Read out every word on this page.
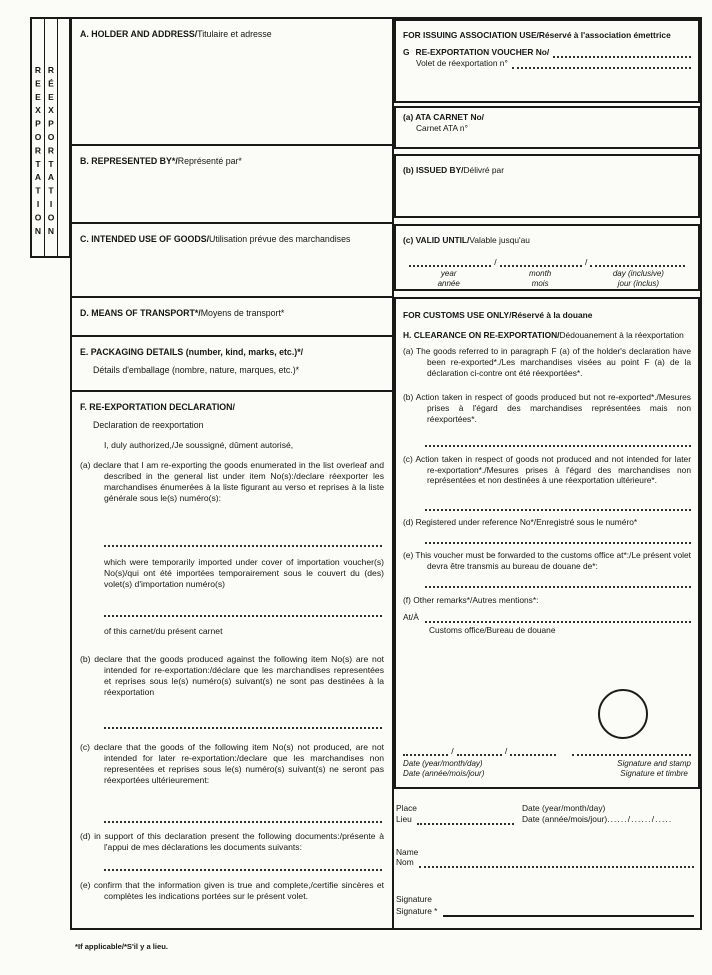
REEXPORTATION RÉEXPORTATION
A. HOLDER AND ADDRESS/Titulaire et adresse
B. REPRESENTED BY*/Représenté par*
C. INTENDED USE OF GOODS/Utilisation prévue des marchandises
D. MEANS OF TRANSPORT*/Moyens de transport*
E. PACKAGING DETAILS (number, kind, marks, etc.)*/
Détails d'emballage (nombre, nature, marques, etc.)*
F. RE-EXPORTATION DECLARATION/
Declaration de reexportation
I, duly authorized,/Je soussigné, dûment autorisé,
(a) declare that I am re-exporting the goods enumerated in the list overleaf and described in the general list under item No(s):/declare réexporter les marchandises énumerées à la liste figurant au verso et reprises à la liste générale sous le(s) numéro(s):
which were temporarily imported under cover of importation voucher(s) No(s)/qui ont été importées temporairement sous le couvert du (des) volet(s) d'importation numéro(s)
of this carnet/du présent carnet
(b) declare that the goods produced against the following item No(s) are not intended for re-exportation:/déclare que les marchandises representées et reprises sous le(s) numéro(s) suivant(s) ne sont pas destinées à la réexportation
(c) declare that the goods of the following item No(s) not produced, are not intended for later re-exportation:/declare que les marchandises non representées et reprises sous le(s) numéro(s) suivant(s) ne seront pas réexportées ultérieurement:
(d) in support of this declaration present the following documents:/présente à l'appui de mes déclarations les documents suivants:
(e) confirm that the information given is true and complete,/certifie sincères et complètes les indications portées sur le présent volet.
FOR ISSUING ASSOCIATION USE/Réservé à l'association émettrice
G RE-EXPORTATION VOUCHER No/
Volet de réexportation n°
(a) ATA CARNET No/
Carnet ATA n°
(b) ISSUED BY/Délivré par
(c) VALID UNTIL/Valable jusqu'au
/	/
year
année
month
mois
day (inclusive)
jour (inclus)
FOR CUSTOMS USE ONLY/Réservé à la douane
H. CLEARANCE ON RE-EXPORTATION/Dédouanement à la réexportation
(a) The goods referred to in paragraph F (a) of the holder's declaration have been re-exported*./Les marchandises visées au point F (a) de la déclaration ci-contre ont été réexportées*.
(b) Action taken in respect of goods produced but not re-exported*./Mesures prises à l'égard des marchandises représentées mais non réexportées*.
(c) Action taken in respect of goods not produced and not intended for later re-exportation*./Mesures prises à l'égard des marchandises non représentées et non destinées à une réexportation ultérieure*.
(d) Registered under reference No*/Enregistré sous le numéro*
(e) This voucher must be forwarded to the customs office at*:/Le présent volet devra être transmis au bureau de douane de*:
(f) Other remarks*/Autres mentions*:
At/À
Customs office/Bureau de douane
/	/
Date (year/month/day)
Date (année/mois/jour)
Signature and stamp
Signature et timbre
Place
Lieu
Date (year/month/day)
Date (année/mois/jour)....../....../.....
Name
Nom
Signature
Signature *
*If applicable/*S'il y a lieu.
